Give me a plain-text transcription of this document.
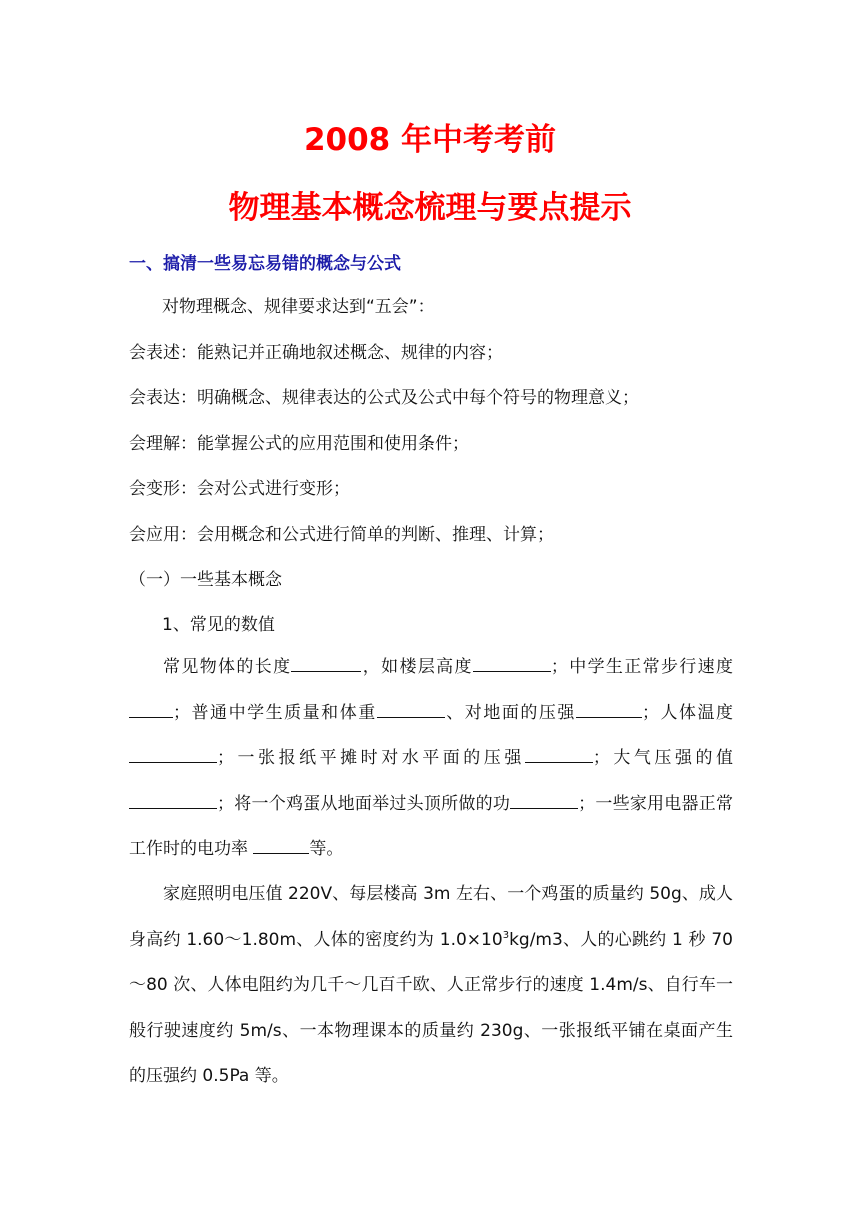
2008 年中考考前
物理基本概念梳理与要点提示
一、搞清一些易忘易错的概念与公式
对物理概念、规律要求达到“五会”：
会表述：能熟记并正确地叙述概念、规律的内容；
会表达：明确概念、规律表达的公式及公式中每个符号的物理意义；
会理解：能掌握公式的应用范围和使用条件；
会变形：会对公式进行变形；
会应用：会用概念和公式进行简单的判断、推理、计算；
（一）一些基本概念
1、常见的数值
常见物体的长度	，如楼层高度	；中学生正常步行速度；普通中学生质量和体重	、对地面的压强	；人体温度；一张报纸平摊时对水平面的压强	；大气压强的值；将一个鸡蛋从地面举过头顶所做的功	；一些家用电器正常工作时的电功率	等。
家庭照明电压值 220V、每层楼高 3m 左右、一个鸡蛋的质量约 50g、成人身高约 1.60～1.80m、人体的密度约为 $1.0\times 10^3kg/m3$、人的心跳约 1 秒 70～80 次、人体电阻约为几千～几百千欧、人正常步行的速度 1.4m/s、自行车一般行驶速度约 5m/s、一本物理课本的质量约 230g、一张报纸平铺在桌面产生的压强约 0.5Pa 等。
